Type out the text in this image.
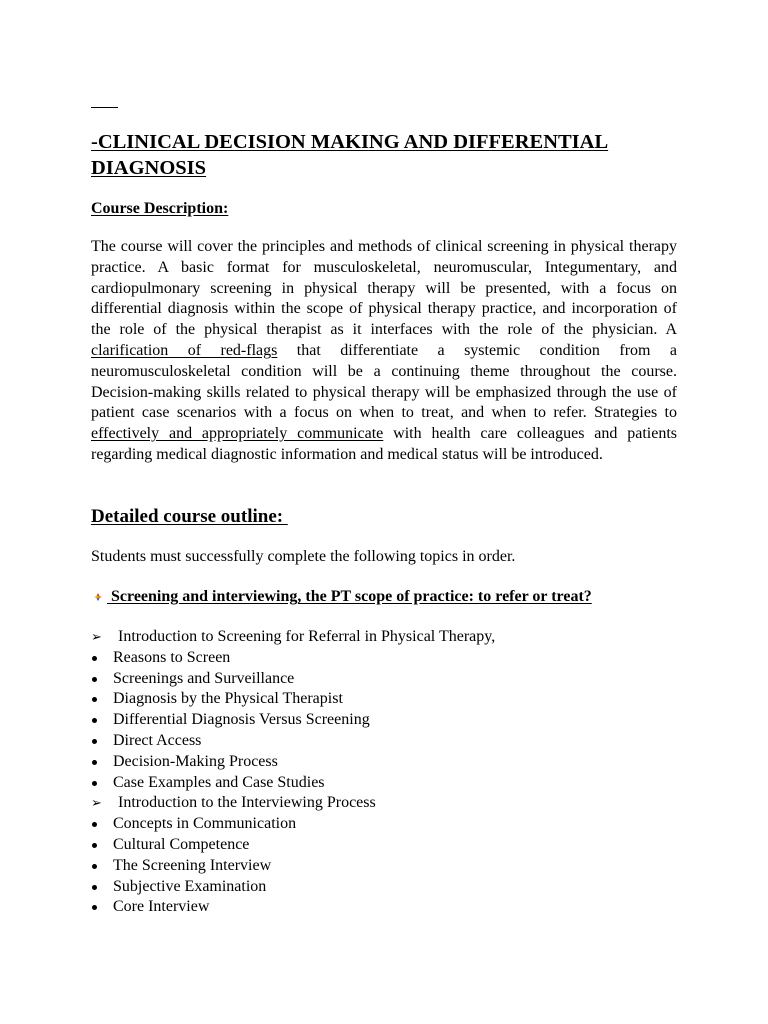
-CLINICAL DECISION MAKING AND DIFFERENTIAL DIAGNOSIS
Course Description:

The course will cover the principles and methods of clinical screening in physical therapy practice. A basic format for musculoskeletal, neuromuscular, Integumentary, and cardiopulmonary screening in physical therapy will be presented, with a focus on differential diagnosis within the scope of physical therapy practice, and incorporation of the role of the physical therapist as it interfaces with the role of the physician. A clarification of red-flags that differentiate a systemic condition from a neuromusculoskeletal condition will be a continuing theme throughout the course. Decision-making skills related to physical therapy will be emphasized through the use of patient case scenarios with a focus on when to treat, and when to refer. Strategies to effectively and appropriately communicate with health care colleagues and patients regarding medical diagnostic information and medical status will be introduced.

Detailed course outline:

Students must successfully complete the following topics in order.

Screening and interviewing, the PT scope of practice: to refer or treat?
➢ Introduction to Screening for Referral in Physical Therapy,
Reasons to Screen
Screenings and Surveillance
Diagnosis by the Physical Therapist
Differential Diagnosis Versus Screening
Direct Access
Decision-Making Process
Case Examples and Case Studies
➢ Introduction to the Interviewing Process
Concepts in Communication
Cultural Competence
The Screening Interview
Subjective Examination
Core Interview
